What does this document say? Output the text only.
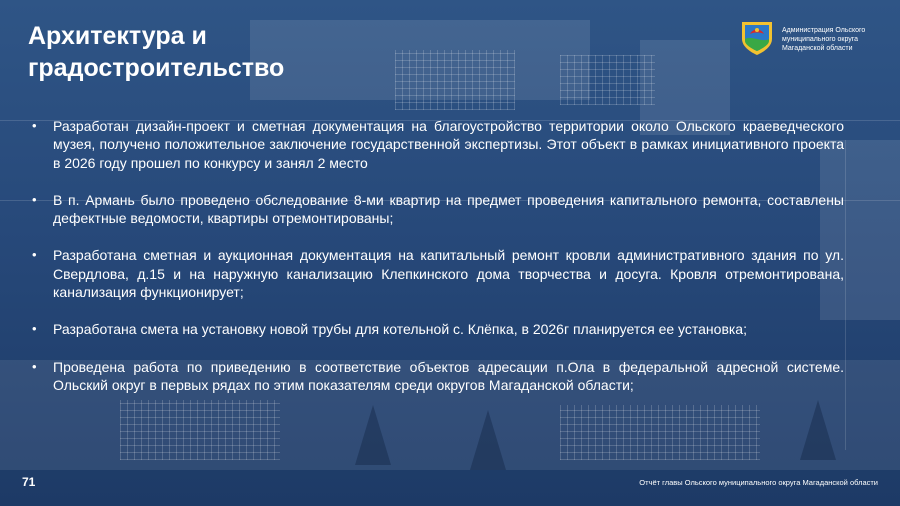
Архитектура и
градостроительство
Администрация Ольского
муниципального округа
Магаданской области
•	Разработан дизайн-проект и сметная документация на благоустройство территории около Ольского краеведческого музея, получено положительное заключение государственной экспертизы. Этот объект в рамках инициативного проекта в 2026 году прошел по конкурсу и занял 2 место
•	В п. Армань было проведено обследование 8-ми квартир на предмет проведения капитального ремонта, составлены дефектные ведомости, квартиры отремонтированы;
•	Разработана сметная и аукционная документация на капитальный ремонт кровли административного здания по ул. Свердлова, д.15 и на наружную канализацию Клепкинского дома творчества и досуга. Кровля отремонтирована, канализация функционирует;
•	Разработана смета на установку новой трубы для котельной с. Клёпка, в 2026г планируется ее установка;
•	Проведена работа по приведению в соответствие объектов адресации п.Ола в федеральной адресной системе. Ольский округ в первых рядах по этим показателям среди округов Магаданской области;
71	Отчёт главы Ольского муниципального округа Магаданской области
